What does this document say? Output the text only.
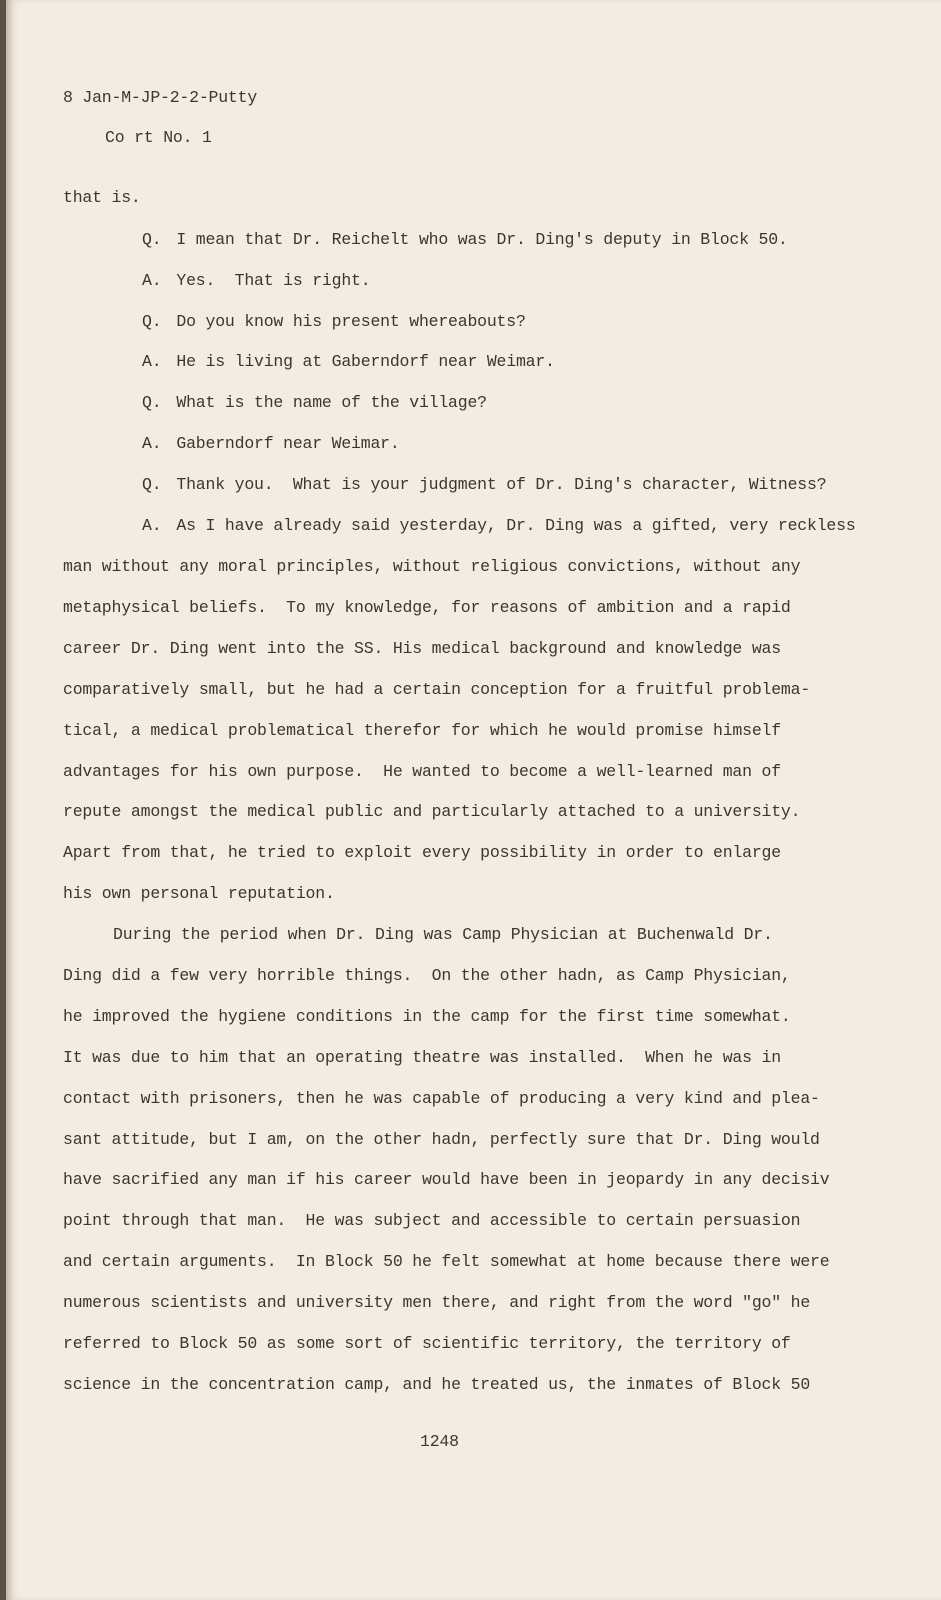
8 Jan-M-JP-2-2-Putty
Co rt No. 1
that is.
Q. I mean that Dr. Reichelt who was Dr. Ding's deputy in Block 50.
A. Yes.  That is right.
Q. Do you know his present whereabouts?
A. He is living at Gaberndorf near Weimar.
Q. What is the name of the village?
A. Gaberndorf near Weimar.
Q. Thank you.  What is your judgment of Dr. Ding's character, Witness?
A. As I have already said yesterday, Dr. Ding was a gifted, very reckless
man without any moral principles, without religious convictions, without any
metaphysical beliefs.  To my knowledge, for reasons of ambition and a rapid
career Dr. Ding went into the SS. His medical background and knowledge was
comparatively small, but he had a certain conception for a fruitful problema-
tical, a medical problematical therefor for which he would promise himself
advantages for his own purpose.  He wanted to become a well-learned man of
repute amongst the medical public and particularly attached to a university.
Apart from that, he tried to exploit every possibility in order to enlarge
his own personal reputation.
During the period when Dr. Ding was Camp Physician at Buchenwald Dr.
Ding did a few very horrible things.  On the other hadn, as Camp Physician,
he improved the hygiene conditions in the camp for the first time somewhat.
It was due to him that an operating theatre was installed.  When he was in
contact with prisoners, then he was capable of producing a very kind and plea-
sant attitude, but I am, on the other hadn, perfectly sure that Dr. Ding would
have sacrified any man if his career would have been in jeopardy in any decisiv
point through that man.  He was subject and accessible to certain persuasion
and certain arguments.  In Block 50 he felt somewhat at home because there were
numerous scientists and university men there, and right from the word "go" he
referred to Block 50 as some sort of scientific territory, the territory of
science in the concentration camp, and he treated us, the inmates of Block 50
1248
